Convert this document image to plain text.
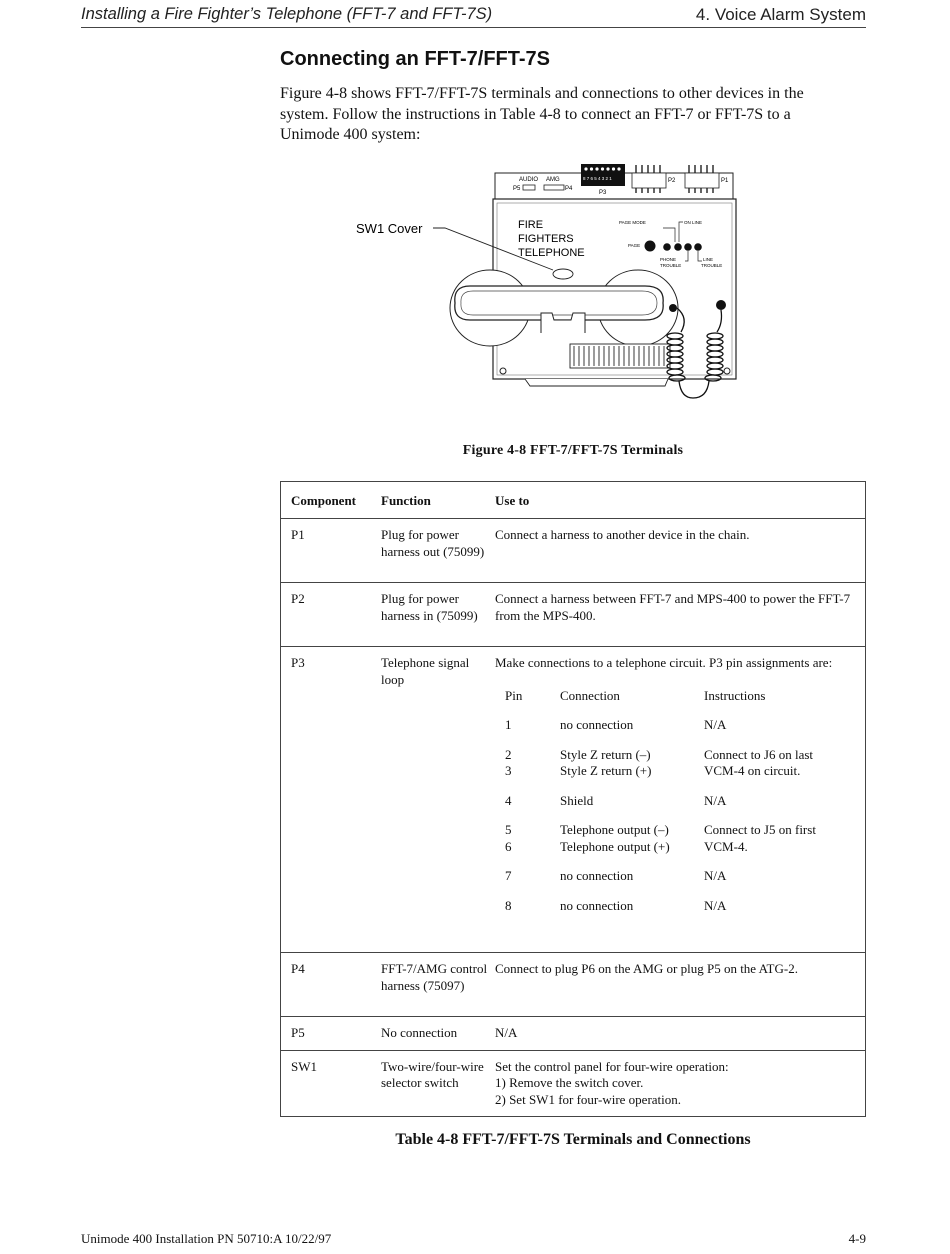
Installing a Fire Fighter’s Telephone (FFT-7 and FFT-7S)	4. Voice Alarm System
Connecting an FFT-7/FFT-7S
Figure 4-8 shows FFT-7/FFT-7S terminals and connections to other devices in the system. Follow the instructions in Table 4-8 to connect an FFT-7 or FFT-7S to a Unimode 400 system:
AUDIO AMG
P5	P4
8 7 6 5 4 3 2 1
P3
P2	P1
FIRE
FIGHTERS
TELEPHONE
PAGE MODE	ON LINE
PAGE
PHONE
TROUBLE
LINE
TROUBLE
SW1 Cover
Figure 4-8 FFT-7/FFT-7S Terminals
Component	Function	Use to
P1	Plug for power harness out (75099)	Connect a harness to another device in the chain.
P2	Plug for power harness in (75099)	Connect a harness between FFT-7 and MPS-400 to power the FFT-7 from the MPS-400.
P3	Telephone signal loop	
Make connections to a telephone circuit. P3 pin assignments are:
Pin	Connection	Instructions
1	no connection	N/A
2	Style Z return (–)	Connect to J6 on last
3	Style Z return (+)	VCM-4 on circuit.
4	Shield	N/A
5	Telephone output (–)	Connect to J5 on first
6	Telephone output (+)	VCM-4.
7	no connection	N/A
8	no connection	N/A

P4	FFT-7/AMG control harness (75097)	Connect to plug P6 on the AMG or plug P5 on the ATG-2.
P5	No connection	N/A
SW1	Two-wire/four-wire selector switch	
Set the control panel for four-wire operation:
1) Remove the switch cover.
2) Set SW1 for four-wire operation.
Table 4-8 FFT-7/FFT-7S Terminals and Connections
Unimode 400 Installation PN 50710:A 10/22/97	4-9
